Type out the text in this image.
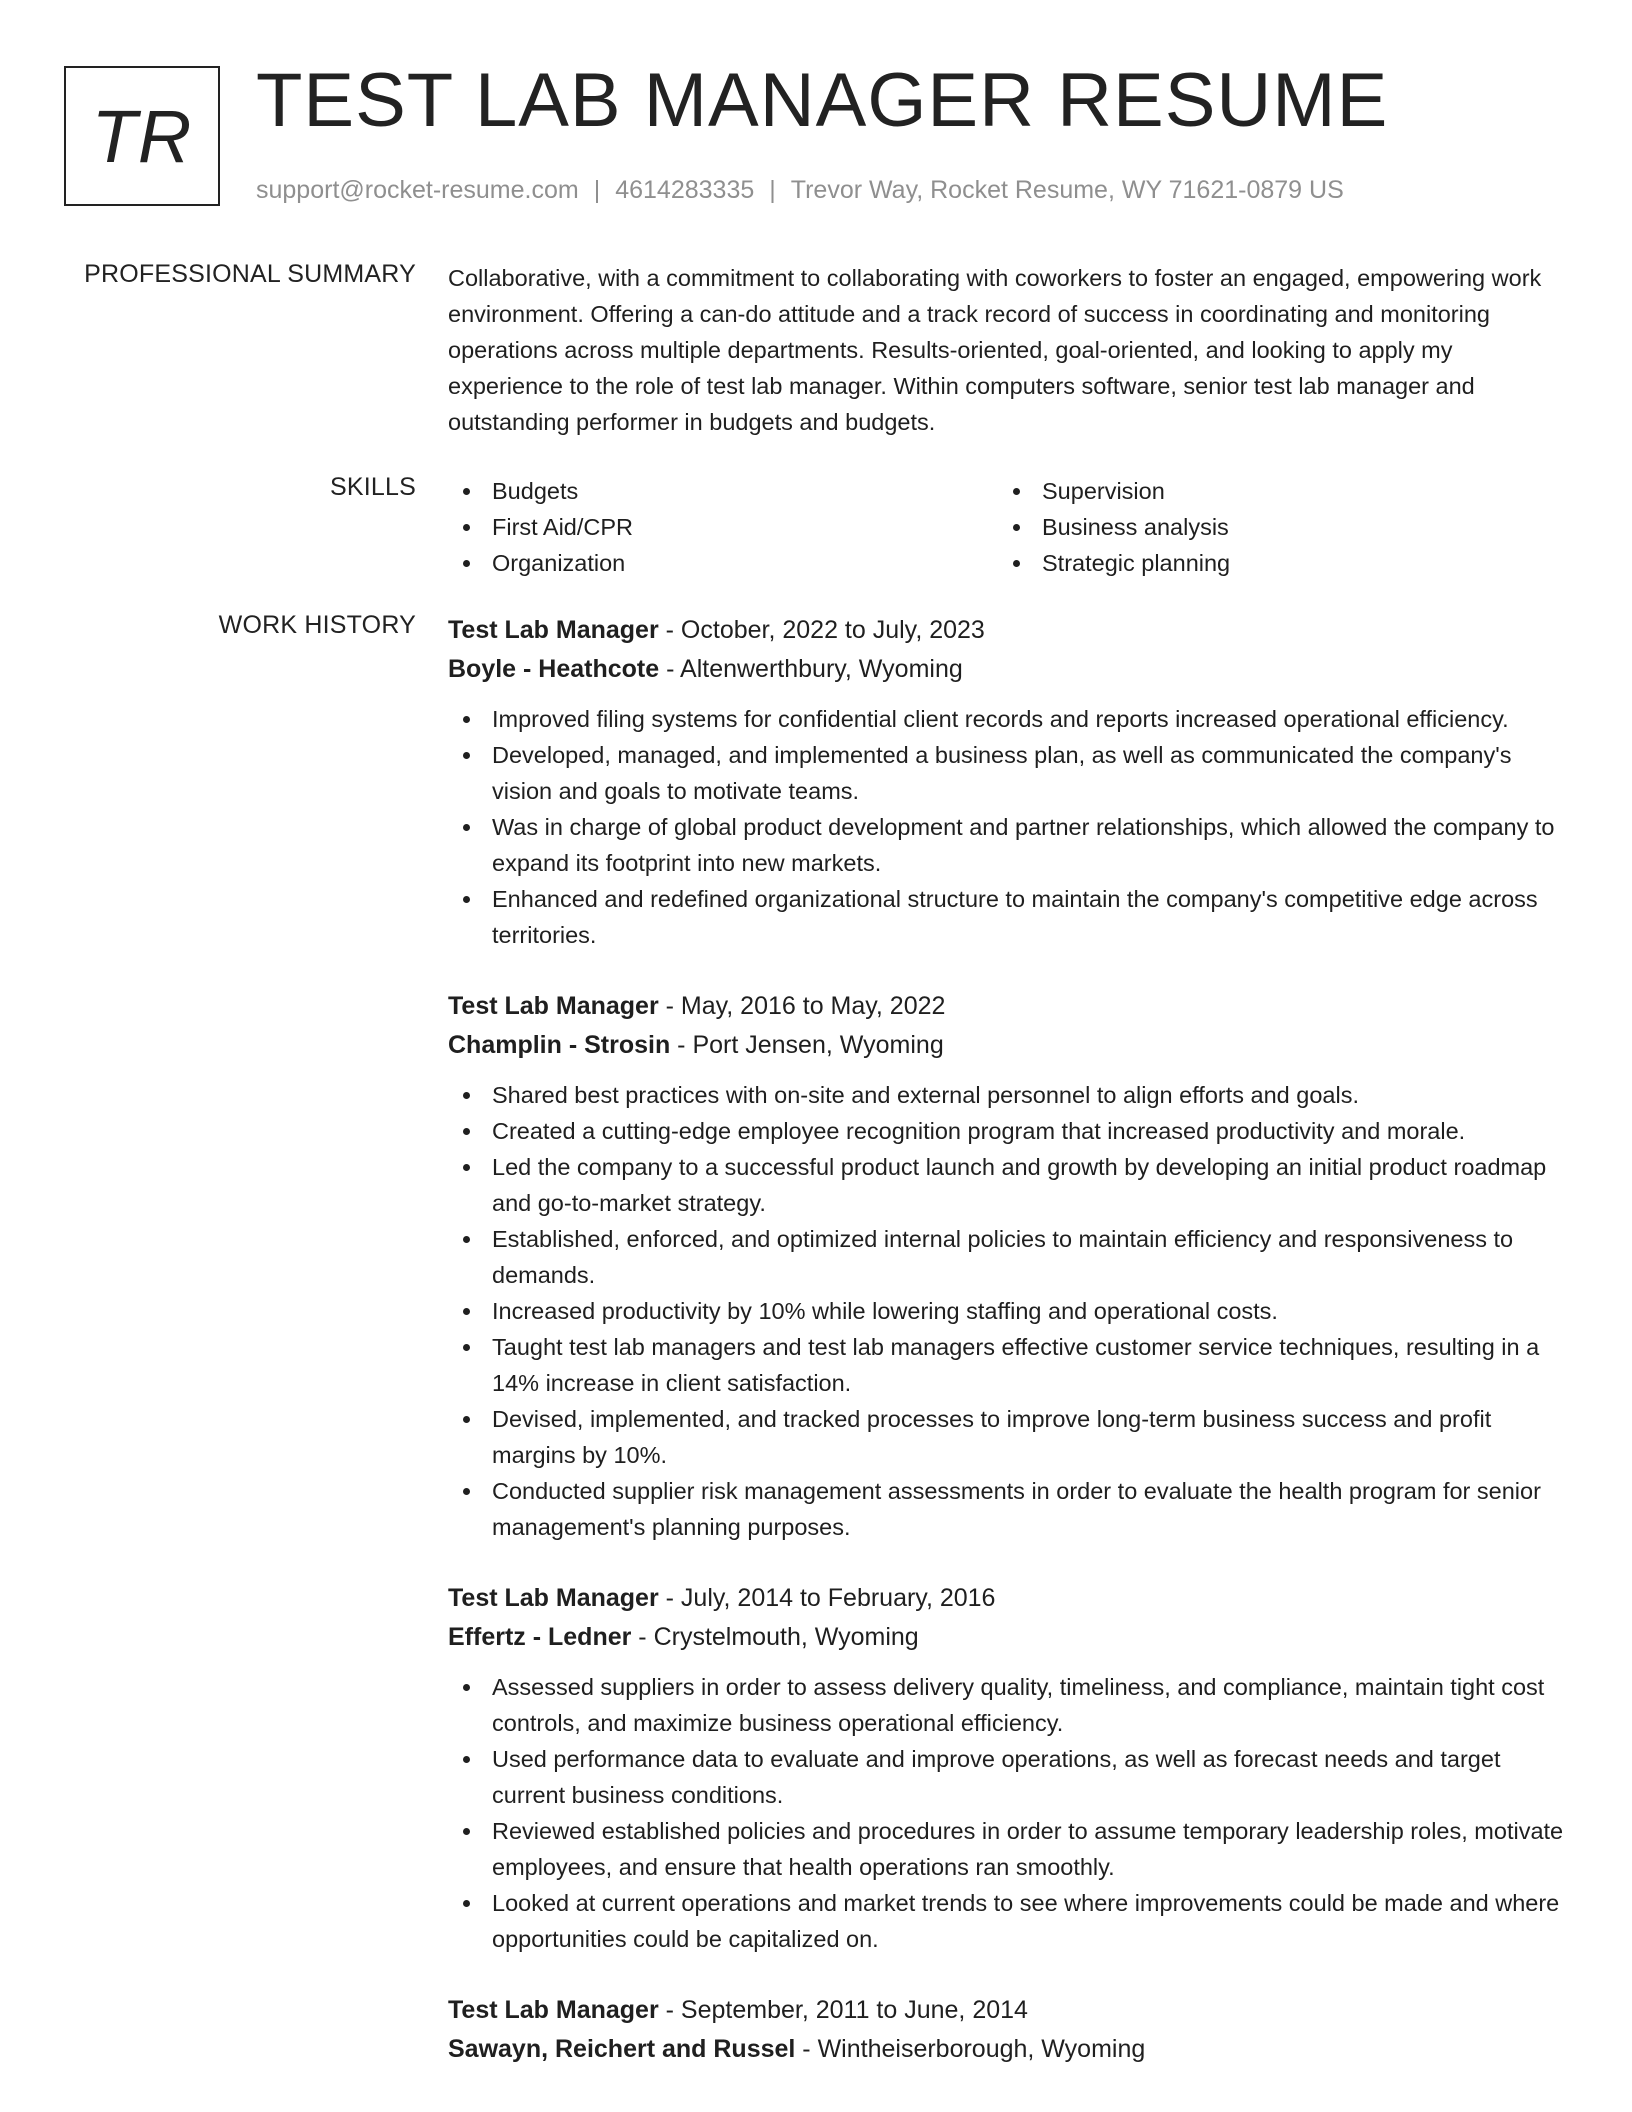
TR TEST LAB MANAGER RESUME
support@rocket-resume.com | 4614283335 | Trevor Way, Rocket Resume, WY 71621-0879 US
PROFESSIONAL SUMMARY Collaborative, with a commitment to collaborating with coworkers to foster an engaged, empowering work environment. Offering a can-do attitude and a track record of success in coordinating and monitoring operations across multiple departments. Results-oriented, goal-oriented, and looking to apply my experience to the role of test lab manager. Within computers software, senior test lab manager and outstanding performer in budgets and budgets.

SKILLS	Budgets	Supervision
First Aid/CPR	Business analysis
Organization	Strategic planning
WORK HISTORY Test Lab Manager - October, 2022 to July, 2023
Boyle - Heathcote - Altenwerthbury, Wyoming
Improved filing systems for confidential client records and reports increased operational efficiency.
Developed, managed, and implemented a business plan, as well as communicated the company's vision and goals to motivate teams.
Was in charge of global product development and partner relationships, which allowed the company to expand its footprint into new markets.
Enhanced and redefined organizational structure to maintain the company's competitive edge across territories.
Test Lab Manager - May, 2016 to May, 2022
Champlin - Strosin - Port Jensen, Wyoming
Shared best practices with on-site and external personnel to align efforts and goals.
Created a cutting-edge employee recognition program that increased productivity and morale.
Led the company to a successful product launch and growth by developing an initial product roadmap and go-to-market strategy.
Established, enforced, and optimized internal policies to maintain efficiency and responsiveness to demands.
Increased productivity by 10% while lowering staffing and operational costs.
Taught test lab managers and test lab managers effective customer service techniques, resulting in a 14% increase in client satisfaction.
Devised, implemented, and tracked processes to improve long-term business success and profit margins by 10%.
Conducted supplier risk management assessments in order to evaluate the health program for senior management's planning purposes.
Test Lab Manager - July, 2014 to February, 2016
Effertz - Ledner - Crystelmouth, Wyoming
Assessed suppliers in order to assess delivery quality, timeliness, and compliance, maintain tight cost controls, and maximize business operational efficiency.
Used performance data to evaluate and improve operations, as well as forecast needs and target current business conditions.
Reviewed established policies and procedures in order to assume temporary leadership roles, motivate employees, and ensure that health operations ran smoothly.
Looked at current operations and market trends to see where improvements could be made and where opportunities could be capitalized on.
Test Lab Manager - September, 2011 to June, 2014
Sawayn, Reichert and Russel - Wintheiserborough, Wyoming
